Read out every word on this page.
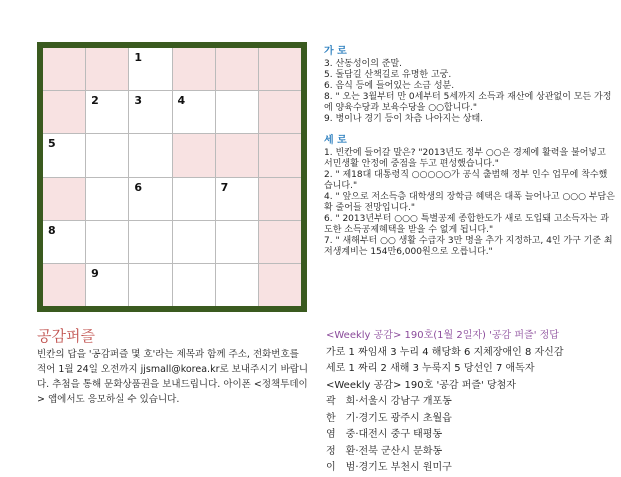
1
2	3	4
5
6	7
8
9
가 로
3. 산동성이의 준말.
5. 돌담길 산책길로 유명한 고궁.
6. 음식 등에 들어있는 소금 성분.
8. " 오는 3월부터 만 0세부터 5세까지 소득과 재산에 상관없이 모든 가정에 양육수당과 보육수당을 ○○합니다."
9. 병이나 경기 등이 차츰 나아지는 상태.
세 로
1. 빈칸에 들어갈 말은? "2013년도 정부 ○○은 경제에 활력을 불어넣고 서민생활 안정에 중점을 두고 편성했습니다."
2. " 제18대 대통령직 ○○○○○가 공식 출범해 정부 인수 업무에 착수했습니다."
4. " 앞으로 저소득층 대학생의 장학금 혜택은 대폭 늘어나고 ○○○ 부담은 확 줄어들 전망입니다."
6. " 2013년부터 ○○○ 특별공제 종합한도가 새로 도입돼 고소득자는 과도한 소득공제혜택을 받을 수 없게 됩니다."
7. " 새해부터 ○○ 생활 수급자 3만 명을 추가 지정하고, 4인 가구 기준 최저생계비는 154만6,000원으로 오릅니다."
공감퍼즐
빈칸의 답을 '공감퍼즐 몇 호'라는 제목과 함께 주소, 전화번호를 적어 1월 24일 오전까지 jjsmall@korea.kr로 보내주시기 바랍니다. 추첨을 통해 문화상품권을 보내드립니다. 아이폰 <정책투데이> 앱에서도 응모하실 수 있습니다.
<Weekly 공감> 190호(1월 2일자) '공감 퍼즐' 정답
가로 1 짜임새 3 누리 4 해당화 6 지체장애인 8 자신감
세로 1 짜리 2 새해 3 누룩지 5 당선인 7 애독자
<Weekly 공감> 190호 '공감 퍼즐' 당첨자
곽 희·서울시 강남구 개포동
한 기·경기도 광주시 초월읍
염 중·대전시 중구 태평동
정 환·전북 군산시 문화동
이 범·경기도 부천시 원미구
